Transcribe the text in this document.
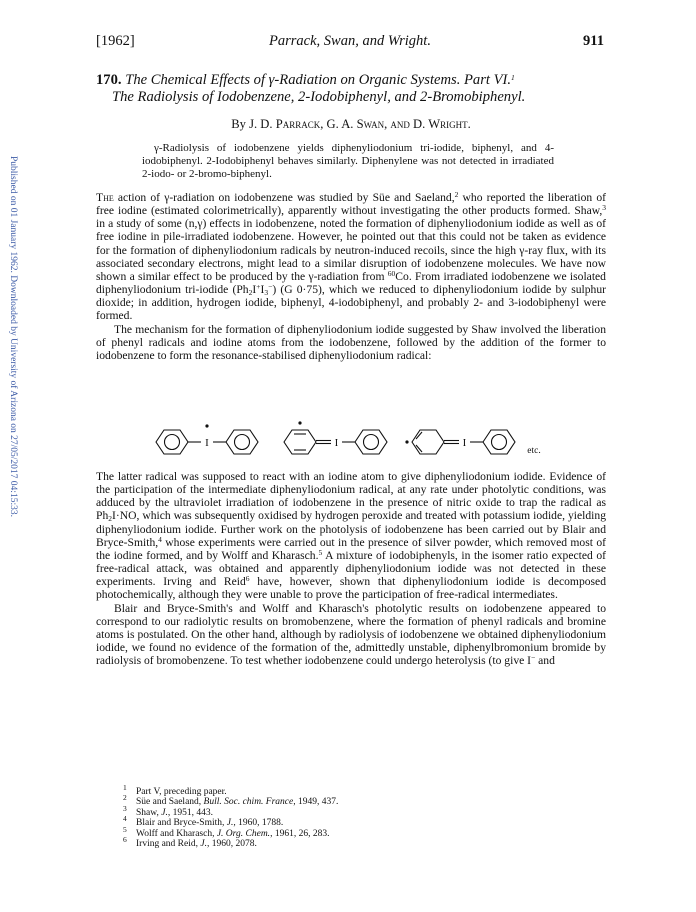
Published on 01 January 1962. Downloaded by University of Arizona on 27/05/2017 04:15:33.
[1962]	Parrack, Swan, and Wright.	911
170. The Chemical Effects of γ-Radiation on Organic Systems. Part VI.$^1$
The Radiolysis of Iodobenzene, 2-Iodobiphenyl, and 2-Bromobiphenyl.
By J. D. Parrack, G. A. Swan, and D. Wright.
γ-Radiolysis of iodobenzene yields diphenyliodonium tri-iodide, biphenyl, and 4-iodobiphenyl. 2-Iodobiphenyl behaves similarly. Diphenylene was not detected in irradiated 2-iodo- or 2-bromo-biphenyl.

The action of γ-radiation on iodobenzene was studied by Süe and Saeland,$^2$ who reported the liberation of free iodine (estimated colorimetrically), apparently without investigating the other products formed. Shaw,$^3$ in a study of some (n,γ) effects in iodobenzene, noted the formation of diphenyliodonium iodide as well as of free iodine in pile-irradiated iodobenzene. However, he pointed out that this could not be taken as evidence for the formation of diphenyliodonium radicals by neutron-induced recoils, since the high γ-ray flux, with its associated secondary electrons, might lead to a similar disruption of iodobenzene molecules. We have now shown a similar effect to be produced by the γ-radiation from $^{60}$Co. From irradiated iodobenzene we isolated diphenyliodonium tri-iodide $(Ph_2I^+I_3^-)$ (G 0·75), which we reduced to diphenyliodonium iodide by sulphur dioxide; in addition, hydrogen iodide, biphenyl, 4-iodobiphenyl, and probably 2- and 3-iodobiphenyl were formed.

The mechanism for the formation of diphenyliodonium iodide suggested by Shaw involved the liberation of phenyl radicals and iodine atoms from the iodobenzene, followed by the addition of the former to iodobenzene to form the resonance-stabilised diphenyliodonium radical:

I	I	I
etc.

The latter radical was supposed to react with an iodine atom to give diphenyliodonium iodide. Evidence of the participation of the intermediate diphenyliodonium radical, at any rate under photolytic conditions, was adduced by the ultraviolet irradiation of iodobenzene in the presence of nitric oxide to trap the radical as $Ph_2I\cdot NO$, which was subsequently oxidised by hydrogen peroxide and treated with potassium iodide, yielding diphenyliodonium iodide. Further work on the photolysis of iodobenzene has been carried out by Blair and Bryce-Smith,$^4$ whose experiments were carried out in the presence of silver powder, which removed most of the iodine formed, and by Wolff and Kharasch.$^5$ A mixture of iodobiphenyls, in the isomer ratio expected of free-radical attack, was obtained and apparently diphenyliodonium iodide was not detected in these experiments. Irving and Reid$^6$ have, however, shown that diphenyliodonium iodide is decomposed photochemically, although they were unable to prove the participation of free-radical intermediates.

Blair and Bryce-Smith's and Wolff and Kharasch's photolytic results on iodobenzene appeared to correspond to our radiolytic results on bromobenzene, where the formation of phenyl radicals and bromine atoms is postulated. On the other hand, although by radiolysis of iodobenzene we obtained diphenyliodonium iodide, we found no evidence of the formation of the, admittedly unstable, diphenylbromonium bromide by radiolysis of bromobenzene. To test whether iodobenzene could undergo heterolysis (to give I− and

1 Part V, preceding paper.
2 Süe and Saeland, Bull. Soc. chim. France, 1949, 437.
3 Shaw, J., 1951, 443.
4 Blair and Bryce-Smith, J., 1960, 1788.
5 Wolff and Kharasch, J. Org. Chem., 1961, 26, 283.
6 Irving and Reid, J., 1960, 2078.
